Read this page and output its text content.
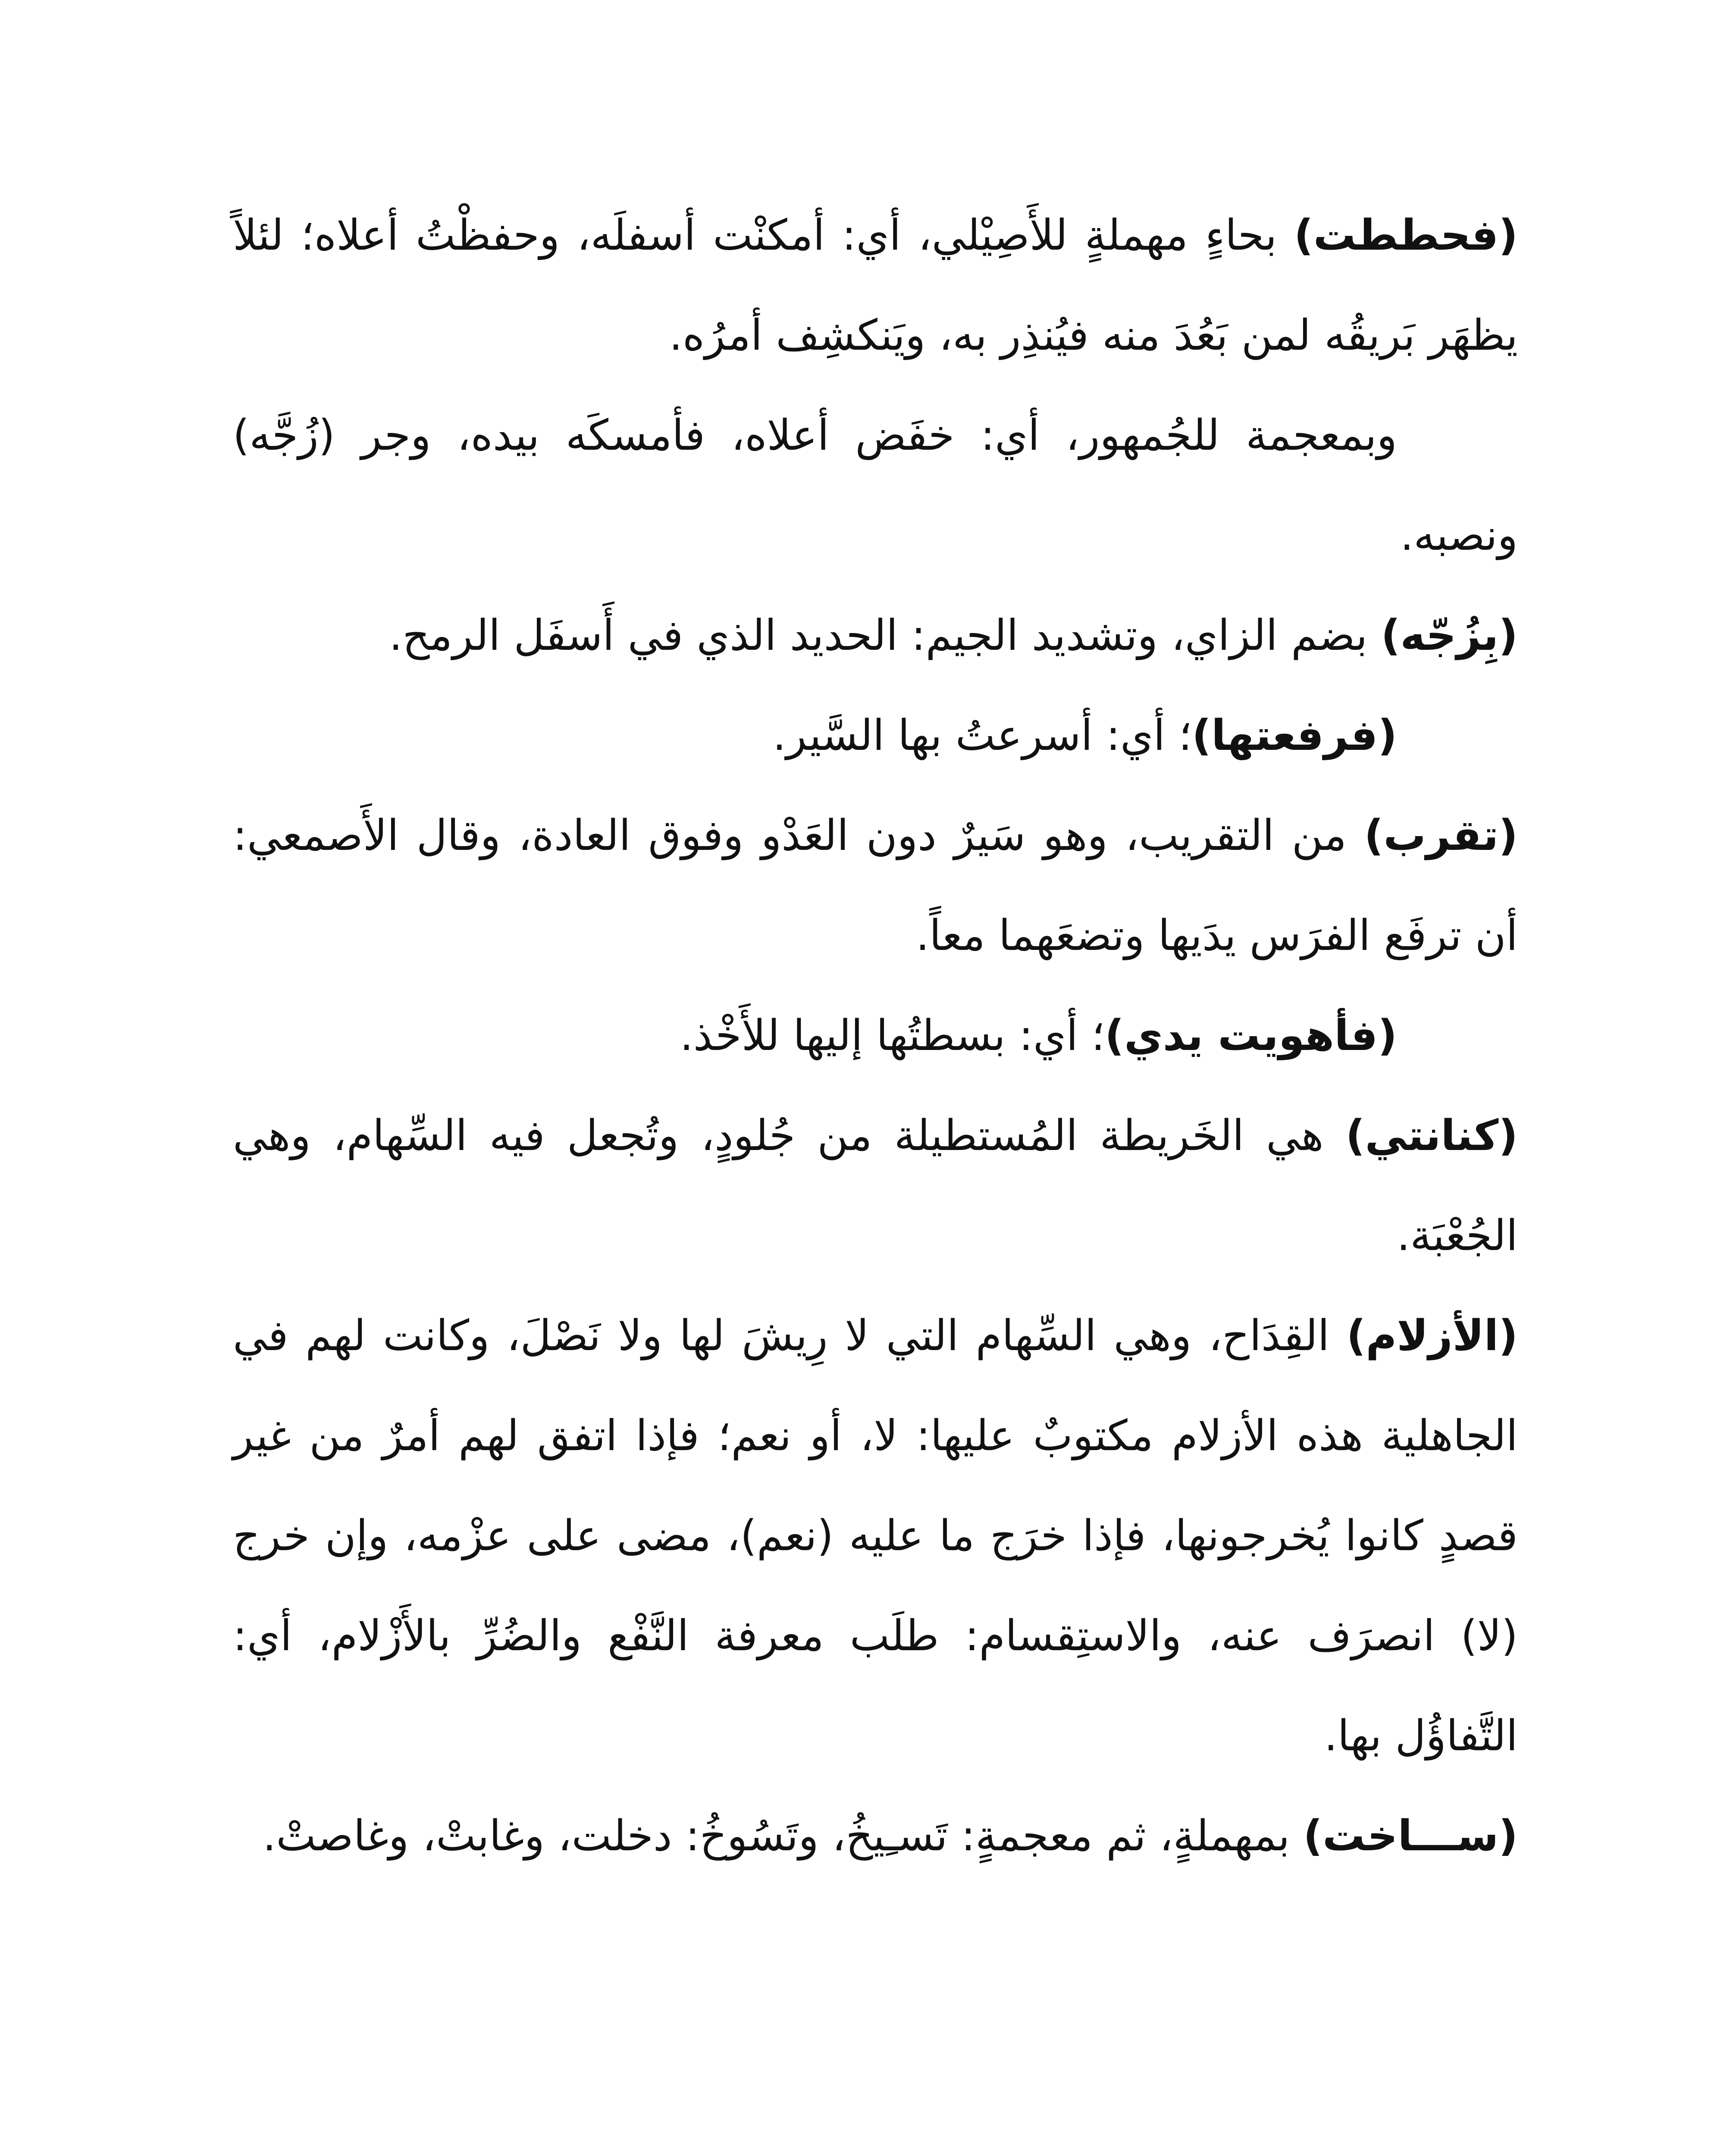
(فحططت) بحاءٍ مهملةٍ للأَصِيْلي، أي: أمكنْت أسفلَه، وحفظْتُ أعلاه؛ لئلاً يظهَر بَريقُه لمن بَعُدَ منه فيُنذِر به، ويَنكشِف أمرُه.

وبمعجمة للجُمهور، أي: خفَض أعلاه، فأمسكَه بيده، وجر (زُجَّه) ونصبه.

(بِزُجّه) بضم الزاي، وتشديد الجيم: الحديد الذي في أَسفَل الرمح.

(فرفعتها)؛ أي: أسرعتُ بها السَّير.

(تقرب) من التقريب، وهو سَيرٌ دون العَدْو وفوق العادة، وقال الأَصمعي: أن ترفَع الفرَس يدَيها وتضعَهما معاً.

(فأهويت يدي)؛ أي: بسطتُها إليها للأَخْذ.

(كنانتي) هي الخَريطة المُستطيلة من جُلودٍ، وتُجعل فيه السِّهام، وهي الجُعْبَة.

(الأزلام) القِدَاح، وهي السِّهام التي لا رِيشَ لها ولا نَصْلَ، وكانت لهم في الجاهلية هذه الأزلام مكتوبٌ عليها: لا، أو نعم؛ فإذا اتفق لهم أمرٌ من غير قصدٍ كانوا يُخرجونها، فإذا خرَج ما عليه (نعم)، مضى على عزْمه، وإن خرج (لا) انصرَف عنه، والاستِقسام: طلَب معرفة النَّفْع والضُرِّ بالأَزْلام، أي: التَّفاؤُل بها.

(ســـاخت) بمهملةٍ، ثم معجمةٍ: تَسـِيخُ، وتَسُوخُ: دخلت، وغابتْ، وغاصتْ.
